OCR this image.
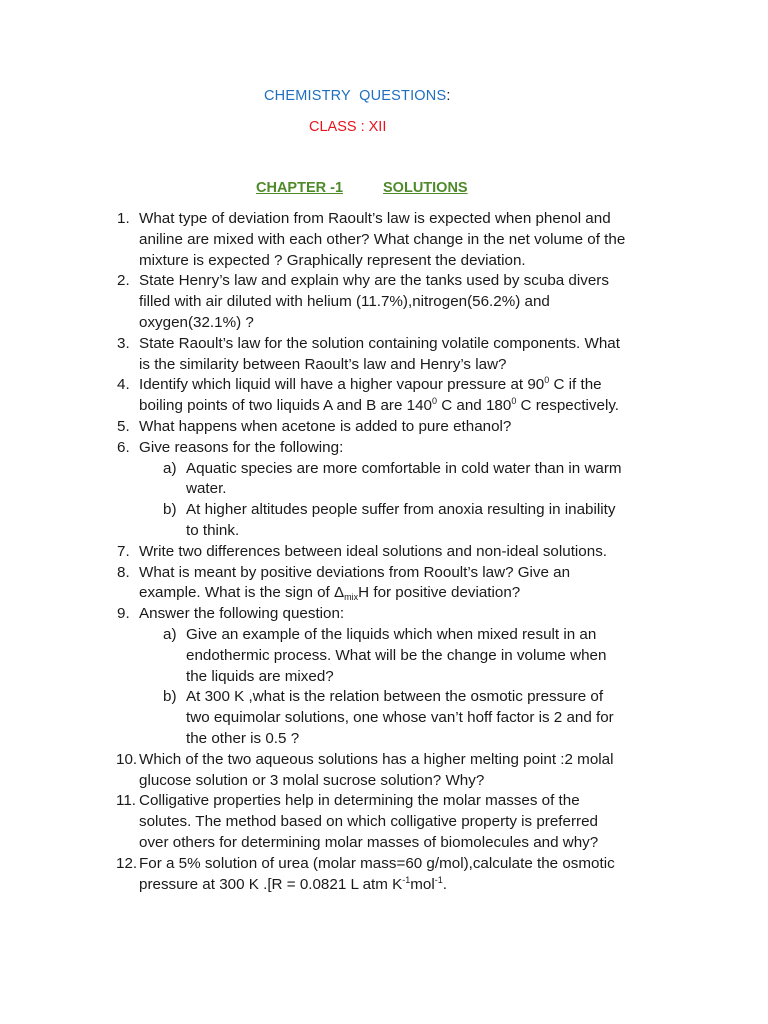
CHEMISTRY  QUESTIONS:
CLASS : XII
CHAPTER -1	SOLUTIONS
1. What type of deviation from Raoult’s law is expected when phenol and
aniline are mixed with each other? What change in the net volume of the
mixture is expected ? Graphically represent the deviation.
2. State Henry’s law and explain why are the tanks used by scuba divers
filled with air diluted with helium (11.7%),nitrogen(56.2%) and
oxygen(32.1%) ?
3. State Raoult’s law for the solution containing volatile components. What
is the similarity between Raoult’s law and Henry’s law?
4. Identify which liquid will have a higher vapour pressure at $90^0$ C if the
boiling points of two liquids A and B are $140^0$ C and $180^0$ C respectively.
5. What happens when acetone is added to pure ethanol?
6. Give reasons for the following:
a) Aquatic species are more comfortable in cold water than in warm
water.
b) At higher altitudes people suffer from anoxia resulting in inability
to think.
7. Write two differences between ideal solutions and non-ideal solutions.
8. What is meant by positive deviations from Rooult’s law? Give an
example. What is the sign of $\Delta_{mix}H$ for positive deviation?
9. Answer the following question:
a) Give an example of the liquids which when mixed result in an
endothermic process. What will be the change in volume when
the liquids are mixed?
b) At 300 K ,what is the relation between the osmotic pressure of
two equimolar solutions, one whose van’t hoff factor is 2 and for
the other is 0.5 ?
10. Which of the two aqueous solutions has a higher melting point :2 molal
glucose solution or 3 molal sucrose solution? Why?
11. Colligative properties help in determining the molar masses of the
solutes. The method based on which colligative property is preferred
over others for determining molar masses of biomolecules and why?
12. For a 5% solution of urea (molar mass=60 g/mol),calculate the osmotic
pressure at 300 K .[R = 0.0821 L atm $K^{-1}mol^{-1}$.
